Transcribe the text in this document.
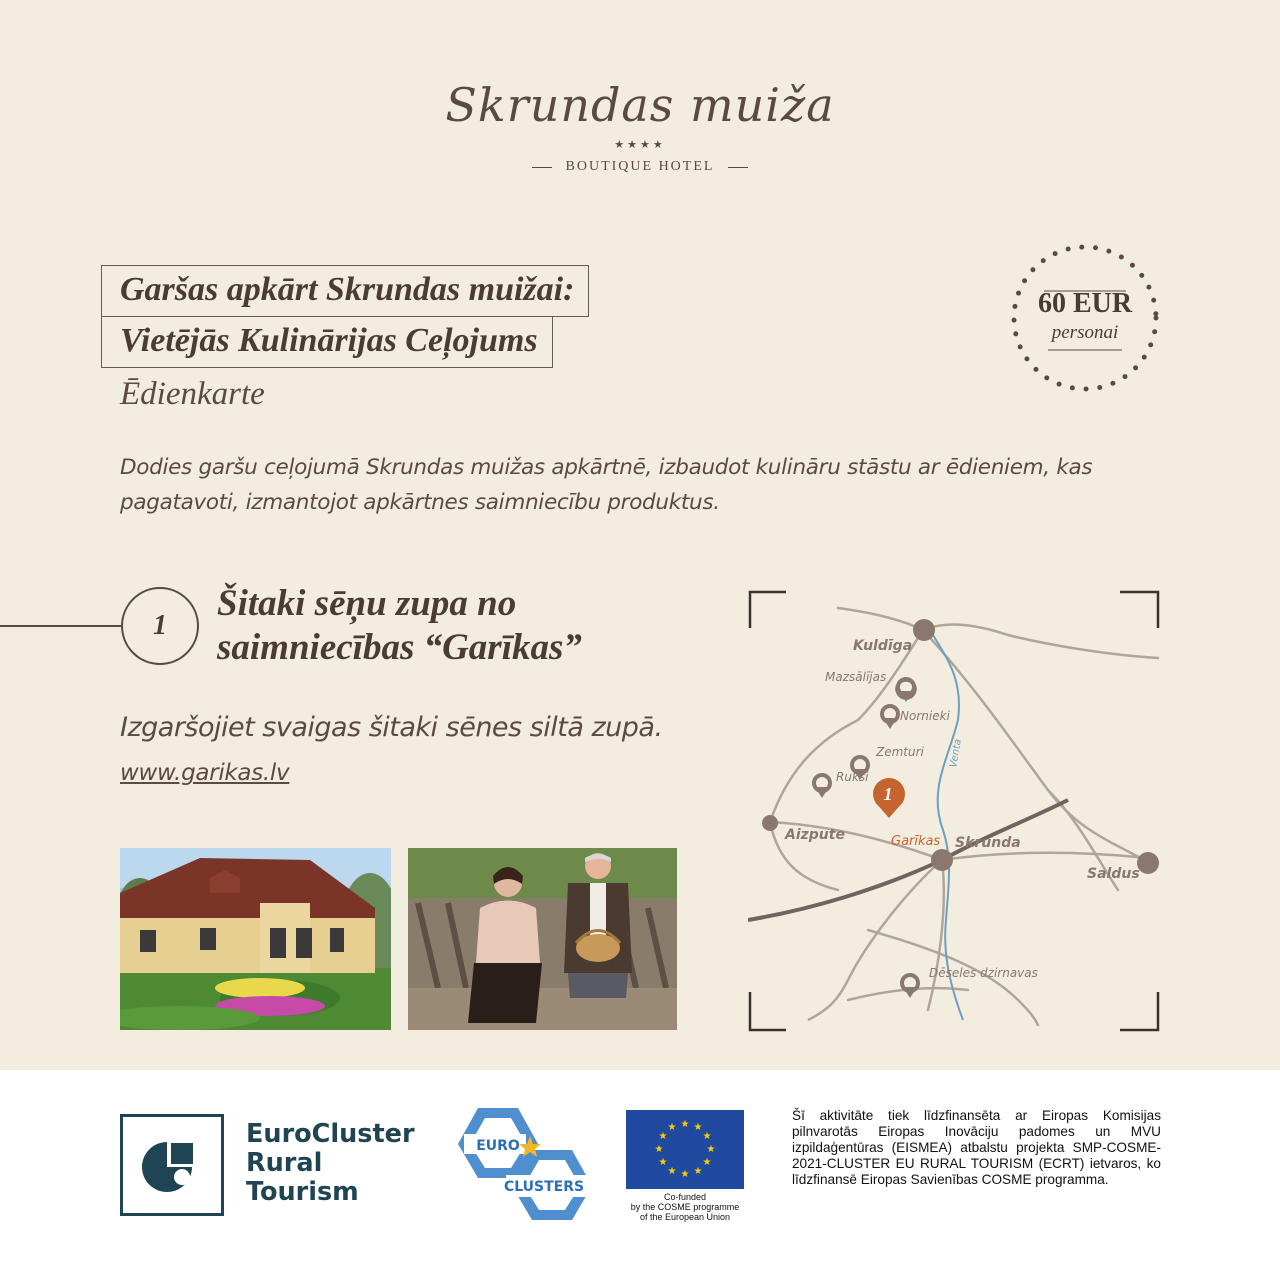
Skrundas muiža
★★★★
BOUTIQUE HOTEL
Garšas apkārt Skrundas muižai:
Vietējās Kulinārijas Ceļojums
Ēdienkarte
60 EUR
personai
Dodies garšu ceļojumā Skrundas muižas apkārtnē, izbaudot kulināru stāstu ar ēdieniem, kas pagatavoti, izmantojot apkārtnes saimniecību produktus.
1
Šitaki sēņu zupa no
saimniecības “Garīkas”
Izgaršojiet svaigas šitaki sēnes siltā zupā.
www.garikas.lv
Kuldīga
Mazsālījas
Nornieki
Zemturi
Ruksi
1
Aizpute	Garīkas Skrunda
Saldus
Dēseles dzirnavas
Venta
EuroCluster
Rural
Tourism
EURO
CLUSTERS
★ ★
★
★
★
★
★
★
★
★
★
★
Co-funded
by the COSME programme
of the European Union
Šī aktivitāte tiek līdzfinansēta ar Eiropas Komisijas pilnvarotās Eiropas Inovāciju padomes un MVU izpildaģentūras (EISMEA) atbalstu projekta SMP-COSME-2021-CLUSTER EU RURAL TOURISM (ECRT) ietvaros, ko līdzfinansē Eiropas Savienības COSME programma.
